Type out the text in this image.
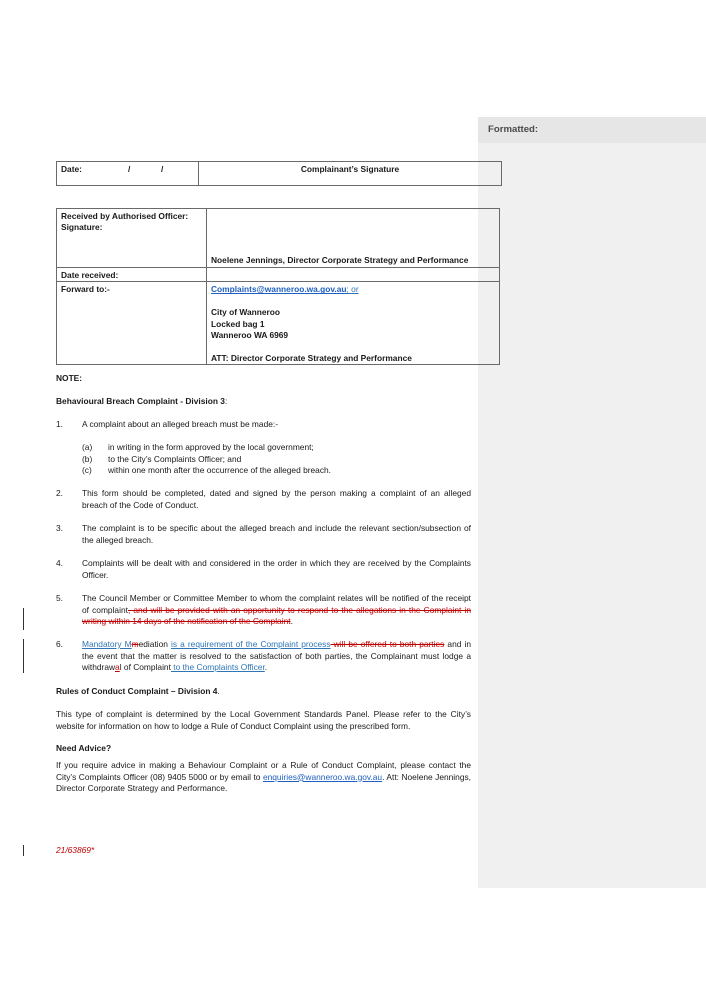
Formatted:
Date:	/	/	Complainant’s Signature
Received by Authorised Officer:
Signature:	Noelene Jennings, Director Corporate Strategy and Performance
Date received:	
Forward to:-	Complaints@wanneroo.wa.gov.au; or
City of Wanneroo
Locked bag 1
Wanneroo WA 6969
ATT: Director Corporate Strategy and Performance
NOTE:
Behavioural Breach Complaint - Division 3:
1. A complaint about an alleged breach must be made:-
(a) in writing in the form approved by the local government;
(b) to the City’s Complaints Officer; and
(c) within one month after the occurrence of the alleged breach.
2. This form should be completed, dated and signed by the person making a complaint of an alleged breach of the Code of Conduct.
3. The complaint is to be specific about the alleged breach and include the relevant section/subsection of the alleged breach.
4. Complaints will be dealt with and considered in the order in which they are received by the Complaints Officer.
5. The Council Member or Committee Member to whom the complaint relates will be notified of the receipt of complaint, and will be provided with an opportunity to respond to the allegations in the Complaint in writing within 14 days of the notification of the Complaint.
6. Mandatory Mmediation is a requirement of the Complaint process will be offered to both parties and in the event that the matter is resolved to the satisfaction of both parties, the Complainant must lodge a withdrawal of Complaint to the Complaints Officer.
Rules of Conduct Complaint – Division 4.
This type of complaint is determined by the Local Government Standards Panel. Please refer to the City’s website for information on how to lodge a Rule of Conduct Complaint using the prescribed form.
Need Advice?
If you require advice in making a Behaviour Complaint or a Rule of Conduct Complaint, please contact the City’s Complaints Officer (08) 9405 5000 or by email to enquiries@wanneroo.wa.gov.au. Att: Noelene Jennings, Director Corporate Strategy and Performance.
21/63869*
